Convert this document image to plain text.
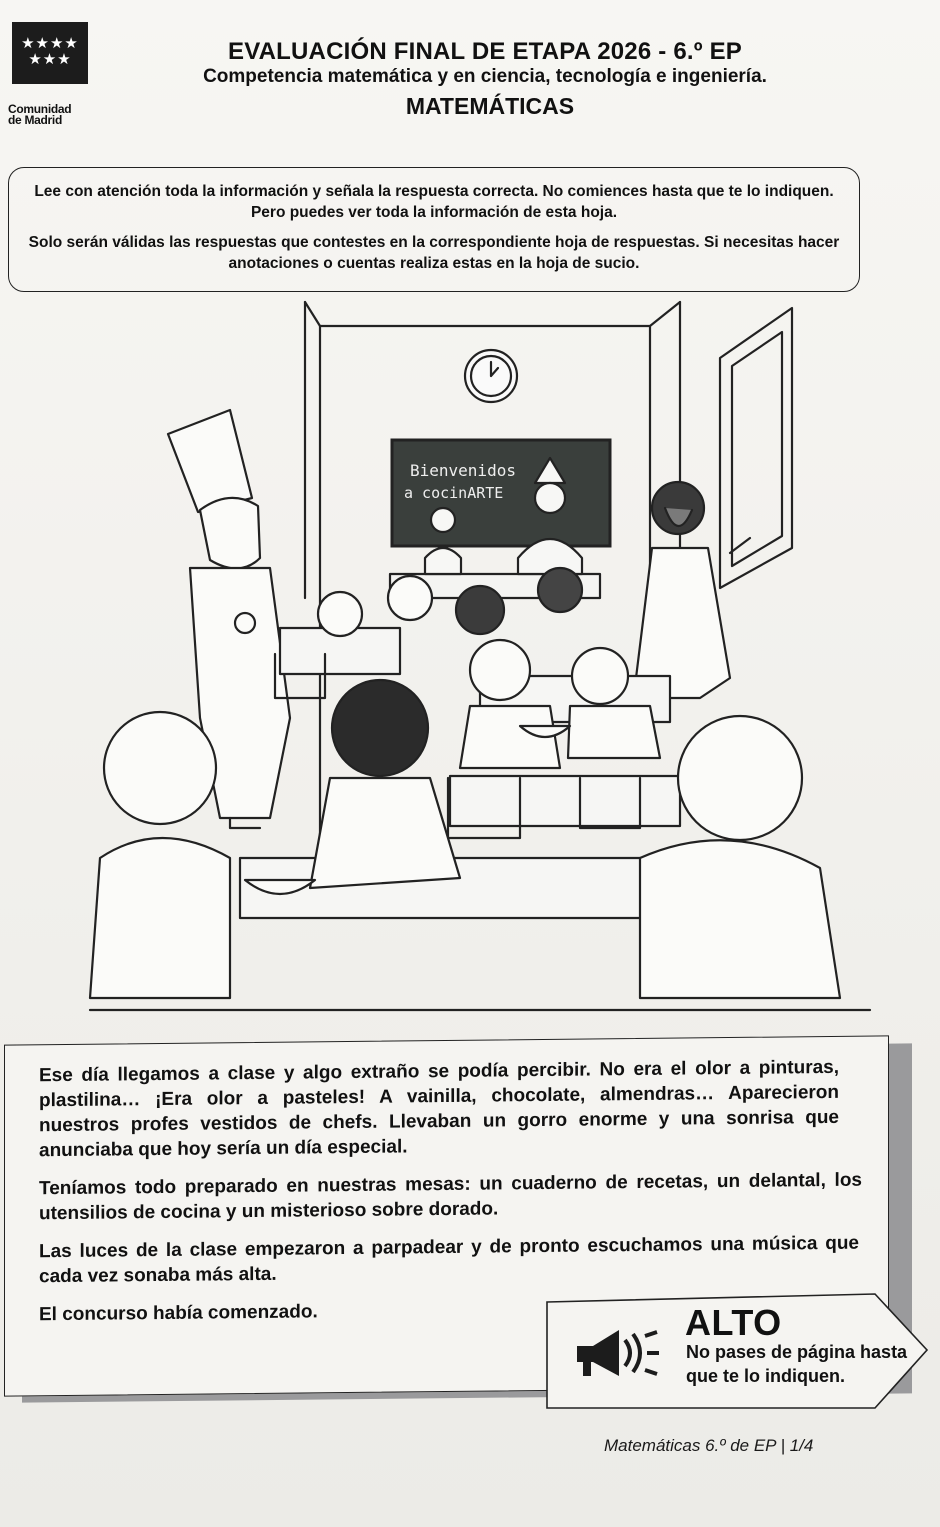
★★★★
★★★
Comunidad
de Madrid
EVALUACIÓN FINAL DE ETAPA 2026 - 6.º EP
Competencia matemática y en ciencia, tecnología e ingeniería.
MATEMÁTICAS

Lee con atención toda la información y señala la respuesta correcta. No comiences hasta que te lo indiquen. Pero puedes ver toda la información de esta hoja.

Solo serán válidas las respuestas que contestes en la correspondiente hoja de respuestas. Si necesitas hacer anotaciones o cuentas realiza estas en la hoja de sucio.

Bienvenidos
a cocinARTE

Ese día llegamos a clase y algo extraño se podía percibir. No era el olor a pinturas, plastilina… ¡Era olor a pasteles! A vainilla, chocolate, almendras… Aparecieron nuestros profes vestidos de chefs. Llevaban un gorro enorme y una sonrisa que anunciaba que hoy sería un día especial.

Teníamos todo preparado en nuestras mesas: un cuaderno de recetas, un delantal, los utensilios de cocina y un misterioso sobre dorado.

Las luces de la clase empezaron a parpadear y de pronto escuchamos una música que cada vez sonaba más alta.

El concurso había comenzado.	ALTO
No pases de página hasta que te lo indiquen.
Matemáticas 6.º de EP | 1/4
